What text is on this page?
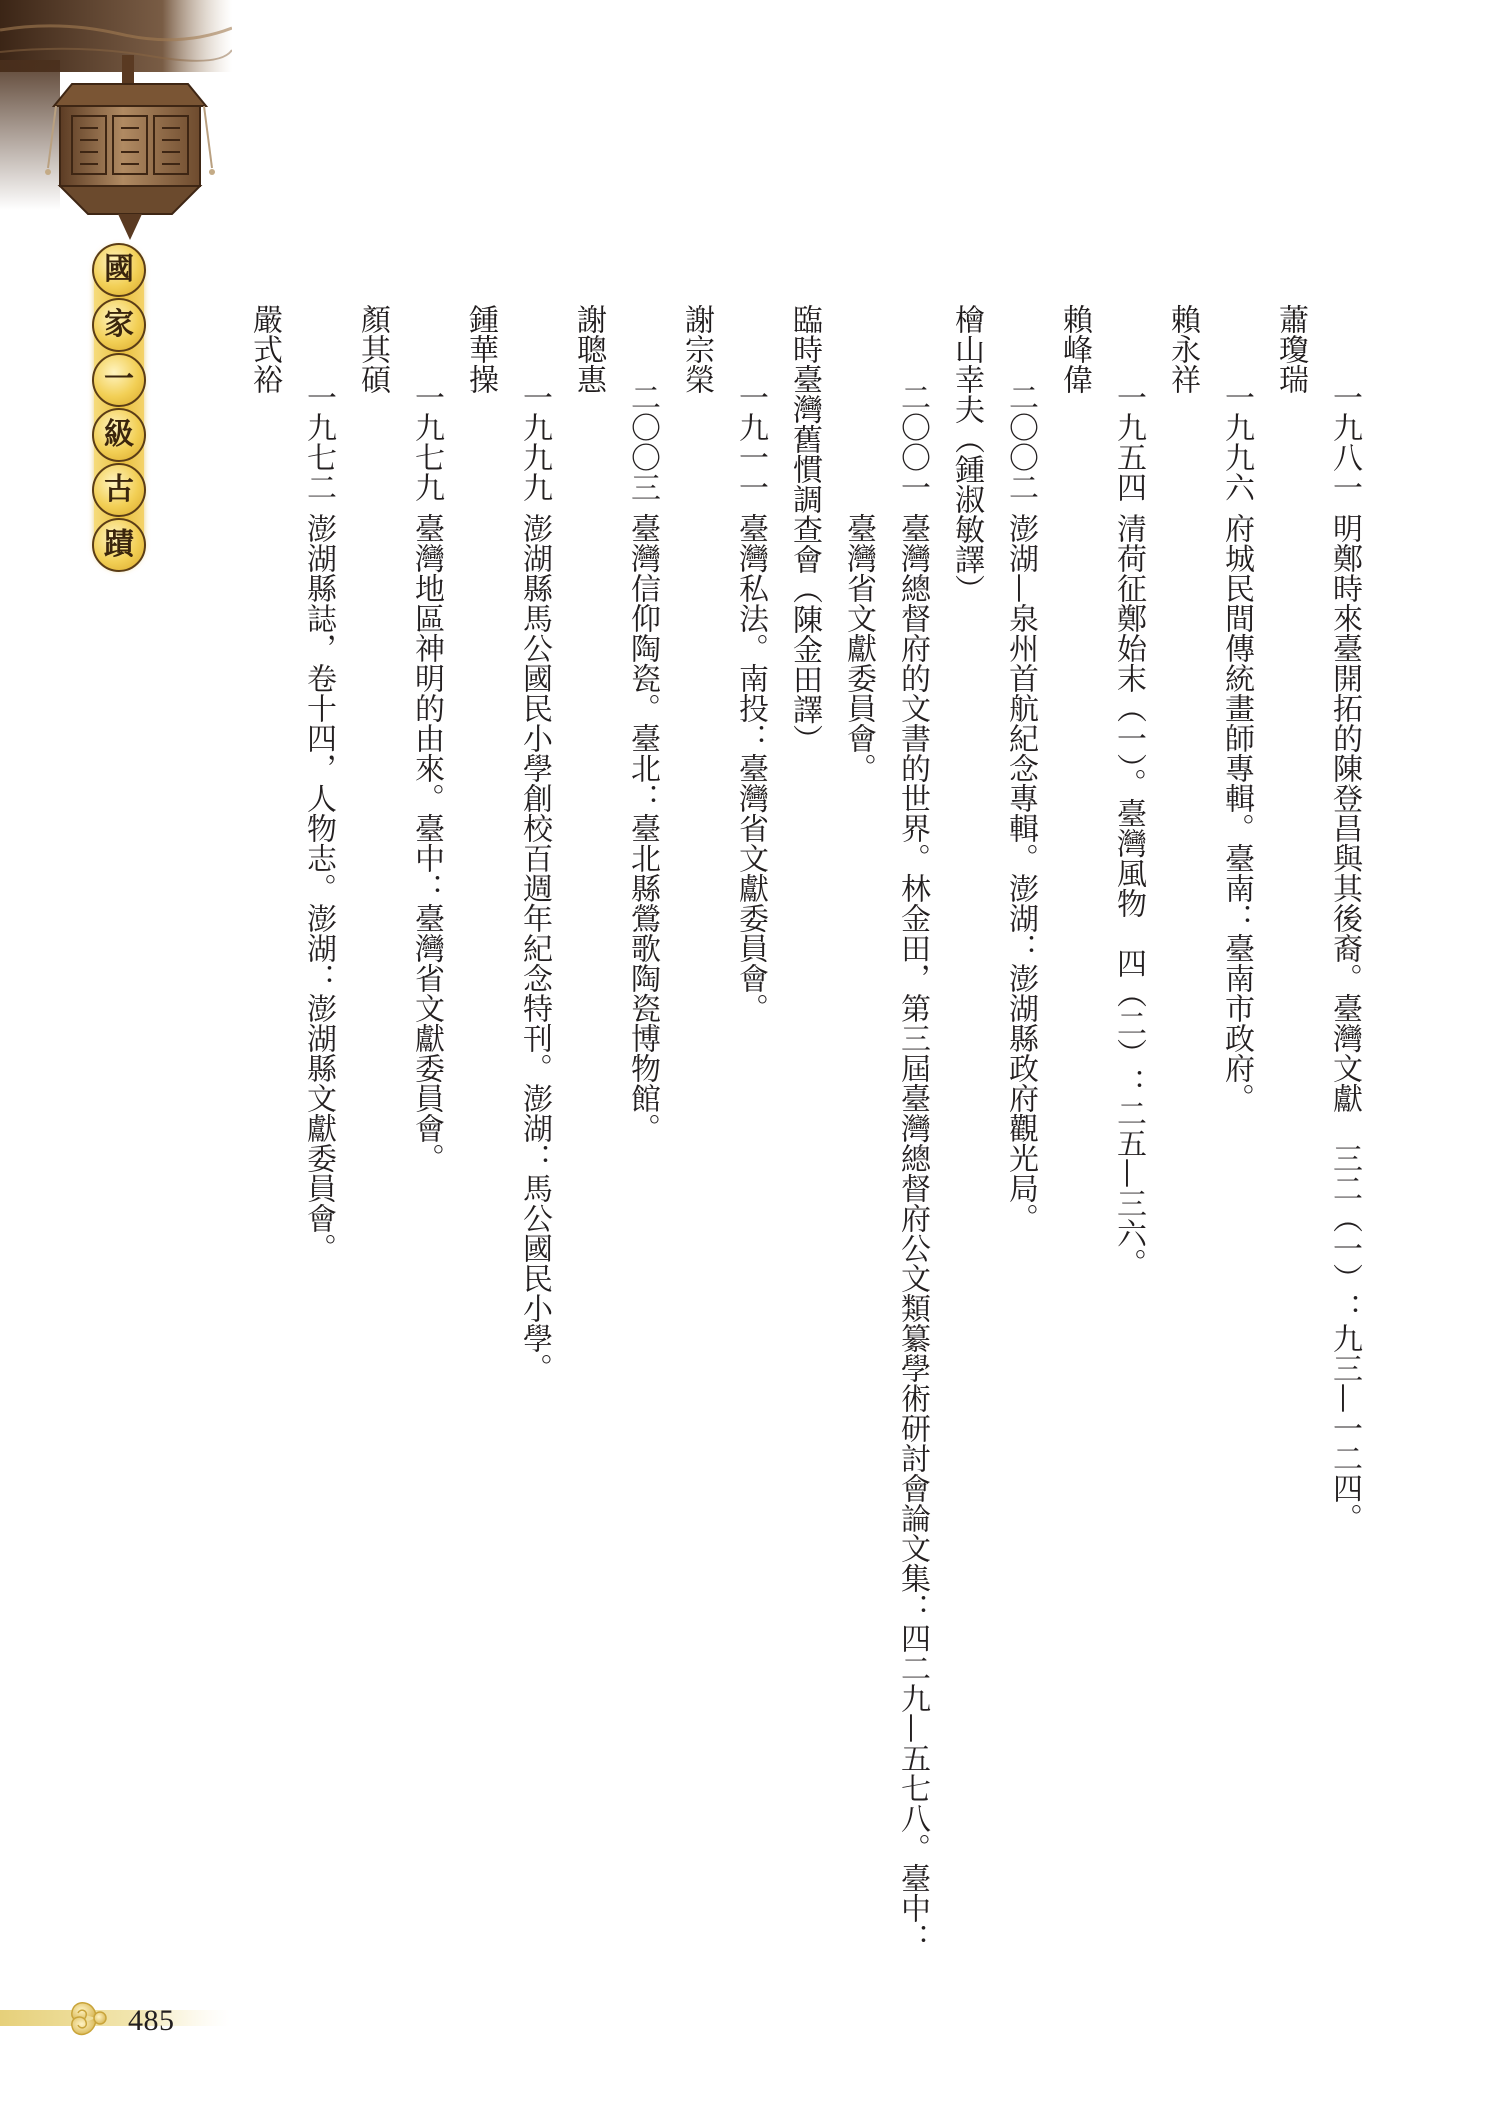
國
家
一
級
古
蹟
一九八一
明鄭時來臺開拓的陳登昌與其後裔。臺灣文獻　三二（一）：九三—一二四。
蕭瓊瑞
一九九六
府城民間傳統畫師專輯。臺南：臺南市政府。
賴永祥
一九五四
清荷征鄭始末（一）。臺灣風物　四（二）：二五—三六。
賴峰偉
二〇〇二
澎湖—泉州首航紀念專輯。澎湖：澎湖縣政府觀光局。
檜山幸夫（鍾淑敏譯）
二〇〇一
臺灣總督府的文書的世界。林金田，第三屆臺灣總督府公文類纂學術研討會論文集：四二九—五七八。臺中：
臺灣省文獻委員會。
臨時臺灣舊慣調查會（陳金田譯）
一九一一
臺灣私法。南投：臺灣省文獻委員會。
謝宗榮
二〇〇三
臺灣信仰陶瓷。臺北：臺北縣鶯歌陶瓷博物館。
謝聰惠
一九九九
澎湖縣馬公國民小學創校百週年紀念特刊。澎湖：馬公國民小學。
鍾華操
一九七九
臺灣地區神明的由來。臺中：臺灣省文獻委員會。
顏其碩
一九七二
澎湖縣誌，卷十四，人物志。澎湖：澎湖縣文獻委員會。
嚴式裕
485
